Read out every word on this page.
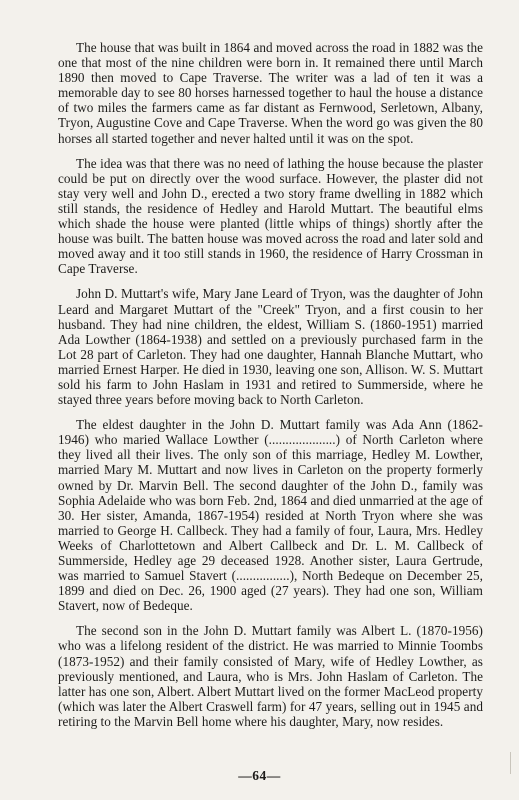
The house that was built in 1864 and moved across the road in 1882 was the one that most of the nine children were born in. It remained there until March 1890 then moved to Cape Traverse. The writer was a lad of ten it was a memorable day to see 80 horses harnessed together to haul the house a distance of two miles the farmers came as far distant as Fernwood, Serletown, Albany, Tryon, Augustine Cove and Cape Traverse. When the word go was given the 80 horses all started together and never halted until it was on the spot.

The idea was that there was no need of lathing the house because the plaster could be put on directly over the wood surface. However, the plaster did not stay very well and John D., erected a two story frame dwelling in 1882 which still stands, the residence of Hedley and Harold Muttart. The beautiful elms which shade the house were planted (little whips of things) shortly after the house was built. The batten house was moved across the road and later sold and moved away and it too still stands in 1960, the residence of Harry Crossman in Cape Traverse.

John D. Muttart's wife, Mary Jane Leard of Tryon, was the daughter of John Leard and Margaret Muttart of the "Creek" Tryon, and a first cousin to her husband. They had nine children, the eldest, William S. (1860-1951) married Ada Lowther (1864-1938) and settled on a previously purchased farm in the Lot 28 part of Carleton. They had one daughter, Hannah Blanche Muttart, who married Ernest Harper. He died in 1930, leaving one son, Allison. W. S. Muttart sold his farm to John Haslam in 1931 and retired to Summerside, where he stayed three years before moving back to North Carleton.

The eldest daughter in the John D. Muttart family was Ada Ann (1862-1946) who maried Wallace Lowther (....................) of North Carleton where they lived all their lives. The only son of this marriage, Hedley M. Lowther, married Mary M. Muttart and now lives in Carleton on the property formerly owned by Dr. Marvin Bell. The second daughter of the John D., family was Sophia Adelaide who was born Feb. 2nd, 1864 and died unmarried at the age of 30. Her sister, Amanda, 1867-1954) resided at North Tryon where she was married to George H. Callbeck. They had a family of four, Laura, Mrs. Hedley Weeks of Charlottetown and Albert Callbeck and Dr. L. M. Callbeck of Summerside, Hedley age 29 deceased 1928. Another sister, Laura Gertrude, was married to Samuel Stavert (................), North Bedeque on December 25, 1899 and died on Dec. 26, 1900 aged (27 years). They had one son, William Stavert, now of Bedeque.

The second son in the John D. Muttart family was Albert L. (1870-1956) who was a lifelong resident of the district. He was married to Minnie Toombs (1873-1952) and their family consisted of Mary, wife of Hedley Lowther, as previously mentioned, and Laura, who is Mrs. John Haslam of Carleton. The latter has one son, Albert. Albert Muttart lived on the former MacLeod property (which was later the Albert Craswell farm) for 47 years, selling out in 1945 and retiring to the Marvin Bell home where his daughter, Mary, now resides.

—64—
